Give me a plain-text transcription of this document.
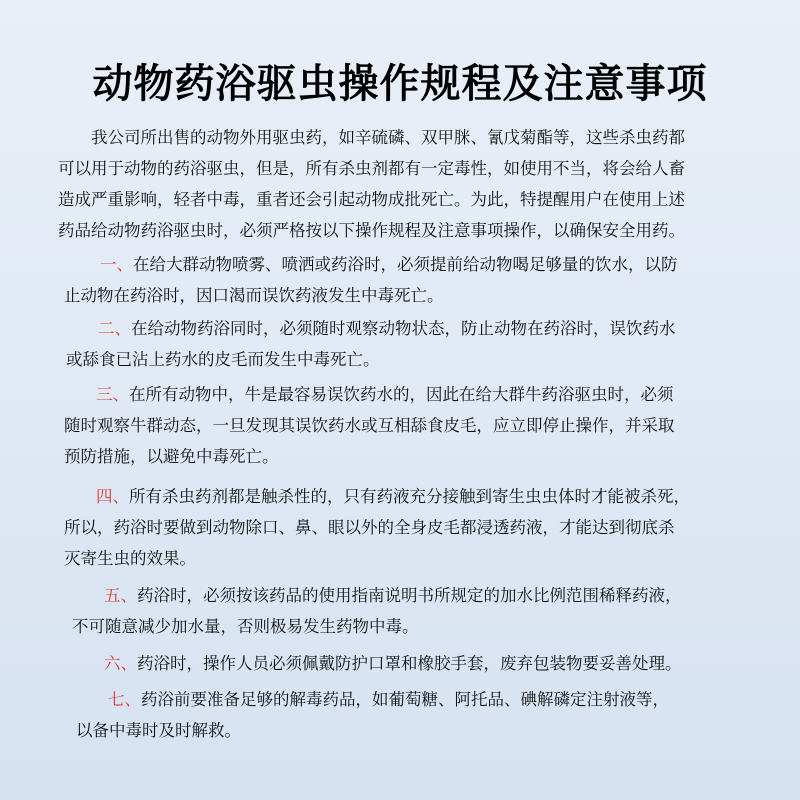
动物药浴驱虫操作规程及注意事项
我公司所出售的动物外用驱虫药，如辛硫磷、双甲脒、氰戊菊酯等，这些杀虫药都
可以用于动物的药浴驱虫，但是，所有杀虫剂都有一定毒性，如使用不当，将会给人畜
造成严重影响，轻者中毒，重者还会引起动物成批死亡。为此，特提醒用户在使用上述
药品给动物药浴驱虫时，必须严格按以下操作规程及注意事项操作，以确保安全用药。
一、在给大群动物喷雾、喷洒或药浴时，必须提前给动物喝足够量的饮水，以防
止动物在药浴时，因口渴而误饮药液发生中毒死亡。
二、在给动物药浴同时，必须随时观察动物状态，防止动物在药浴时，误饮药水
或舔食已沾上药水的皮毛而发生中毒死亡。
三、在所有动物中，牛是最容易误饮药水的，因此在给大群牛药浴驱虫时，必须
随时观察牛群动态，一旦发现其误饮药水或互相舔食皮毛，应立即停止操作，并采取
预防措施，以避免中毒死亡。
四、所有杀虫药剂都是触杀性的，只有药液充分接触到寄生虫虫体时才能被杀死，
所以，药浴时要做到动物除口、鼻、眼以外的全身皮毛都浸透药液，才能达到彻底杀
灭寄生虫的效果。
五、药浴时，必须按该药品的使用指南说明书所规定的加水比例范围稀释药液，
不可随意减少加水量，否则极易发生药物中毒。
六、药浴时，操作人员必须佩戴防护口罩和橡胶手套，废弃包装物要妥善处理。
七、药浴前要准备足够的解毒药品，如葡萄糖、阿托品、碘解磷定注射液等，
以备中毒时及时解救。
